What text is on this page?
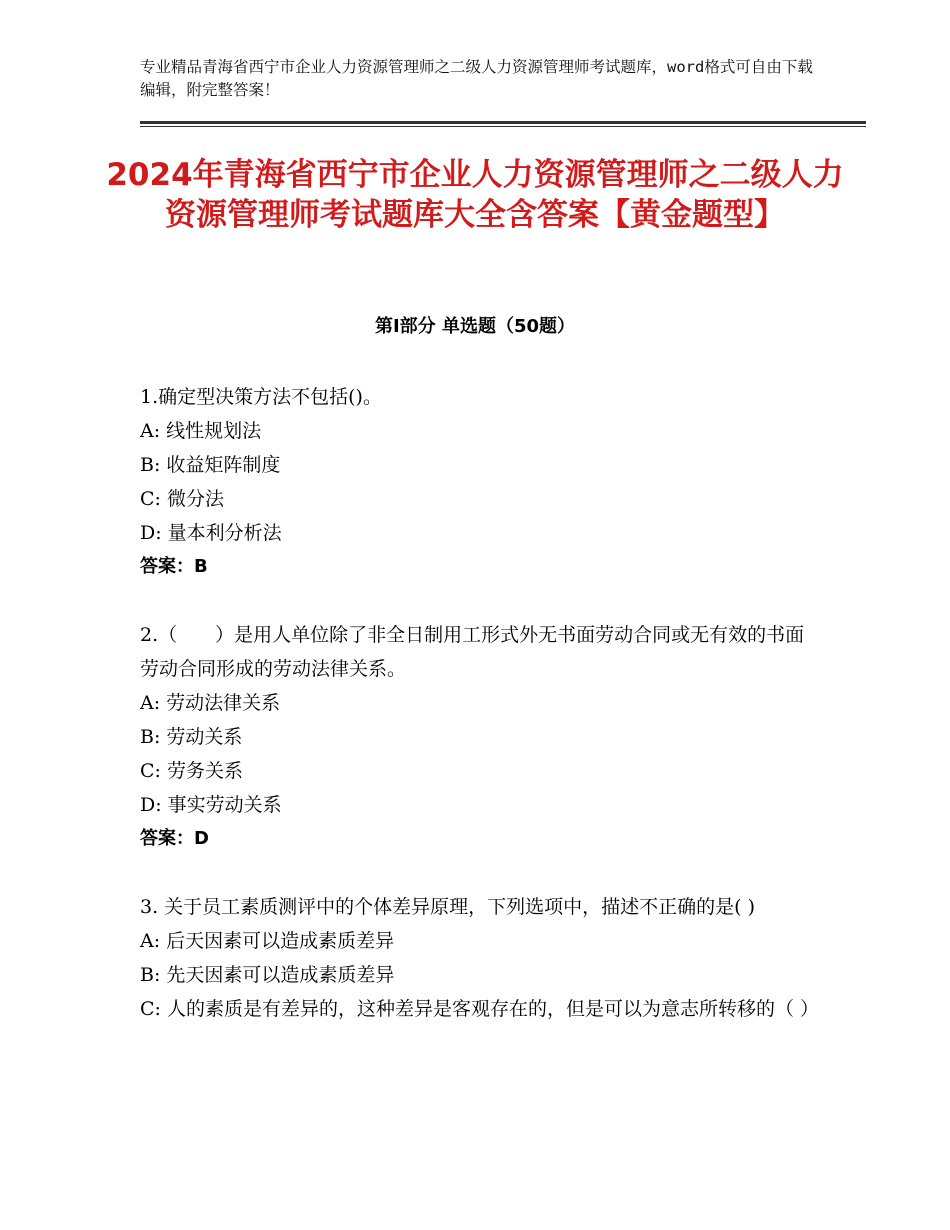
专业精品青海省西宁市企业人力资源管理师之二级人力资源管理师考试题库，word格式可自由下载编辑，附完整答案！
2024年青海省西宁市企业人力资源管理师之二级人力资源管理师考试题库大全含答案【黄金题型】
第Ⅰ部分 单选题（50题）
1.确定型决策方法不包括()。
A: 线性规划法
B: 收益矩阵制度
C: 微分法
D: 量本利分析法
答案：B
2.（　　）是用人单位除了非全日制用工形式外无书面劳动合同或无有效的书面劳动合同形成的劳动法律关系。
A: 劳动法律关系
B: 劳动关系
C: 劳务关系
D: 事实劳动关系
答案：D
3. 关于员工素质测评中的个体差异原理，下列选项中，描述不正确的是( )
A: 后天因素可以造成素质差异
B: 先天因素可以造成素质差异
C: 人的素质是有差异的，这种差异是客观存在的，但是可以为意志所转移的（ ）
